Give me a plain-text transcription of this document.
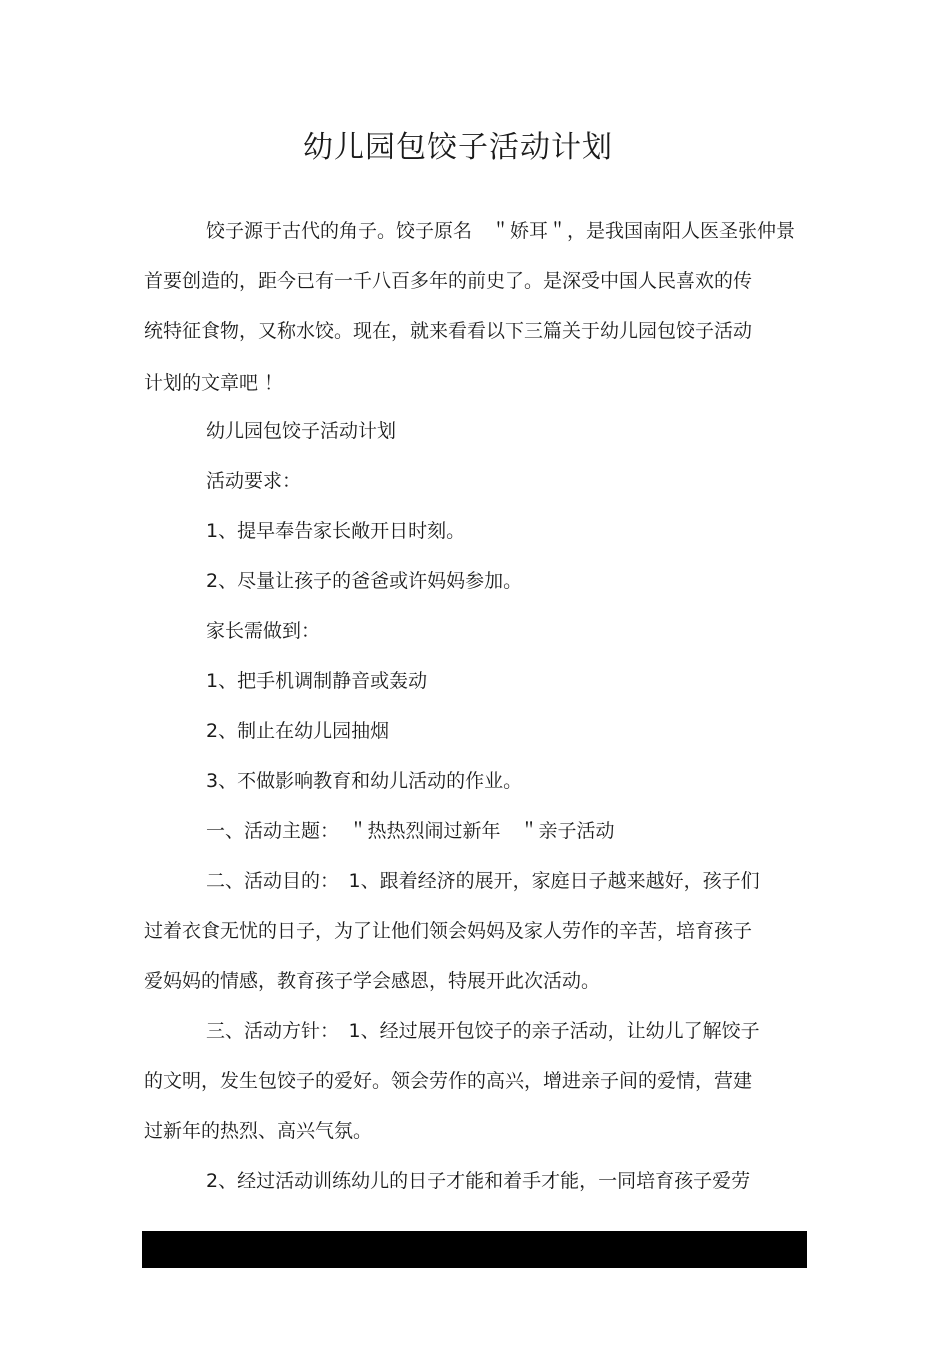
幼儿园包饺子活动计划
饺子源于古代的角子。饺子原名　＂娇耳＂，是我国南阳人医圣张仲景
首要创造的，距今已有一千八百多年的前史了。是深受中国人民喜欢的传
统特征食物，又称水饺。现在，就来看看以下三篇关于幼儿园包饺子活动
计划的文章吧 ！
幼儿园包饺子活动计划
活动要求：
1、提早奉告家长敞开日时刻。
2、尽量让孩子的爸爸或许妈妈参加。
家长需做到：
1、把手机调制静音或轰动
2、制止在幼儿园抽烟
3、不做影响教育和幼儿活动的作业。
一、活动主题：　＂热热烈闹过新年　＂亲子活动
二、活动目的：　1、跟着经济的展开，家庭日子越来越好，孩子们
过着衣食无忧的日子，为了让他们领会妈妈及家人劳作的辛苦，培育孩子
爱妈妈的情感，教育孩子学会感恩，特展开此次活动。
三、活动方针：　1、经过展开包饺子的亲子活动，让幼儿了解饺子
的文明，发生包饺子的爱好。领会劳作的高兴，增进亲子间的爱情，营建
过新年的热烈、高兴气氛。
2、经过活动训练幼儿的日子才能和着手才能，一同培育孩子爱劳
